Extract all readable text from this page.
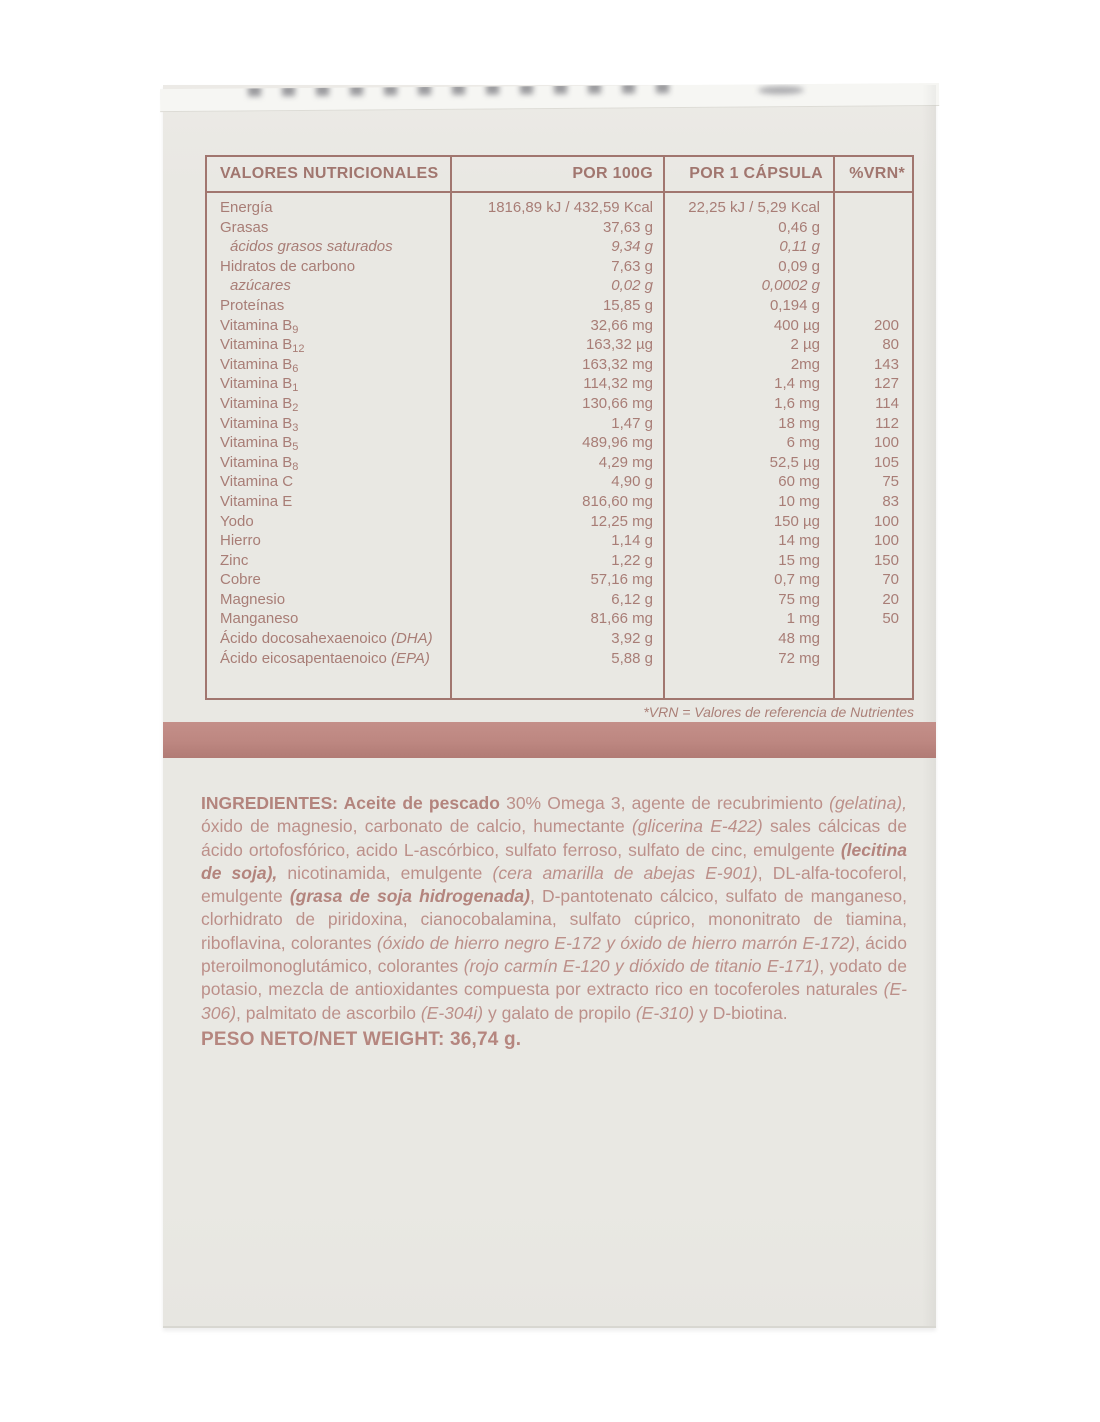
VALORES NUTRICIONALES	POR 100G	POR 1 CÁPSULA	%VRN*
Energía	1816,89 kJ / 432,59 Kcal	22,25 kJ / 5,29 Kcal
Grasas	37,63 g	0,46 g
ácidos grasos saturados	9,34 g	0,11 g
Hidratos de carbono	7,63 g	0,09 g
azúcares	0,02 g	0,0002 g
Proteínas	15,85 g	0,194 g
Vitamina $B_9$	32,66 mg	400 µg	200
Vitamina $B_{12}$	163,32 µg	2 µg	80
Vitamina $B_6$	163,32 mg	2mg	143
Vitamina $B_1$	114,32 mg	1,4 mg	127
Vitamina $B_2$	130,66 mg	1,6 mg	114
Vitamina $B_3$	1,47 g	18 mg	112
Vitamina $B_5$	489,96 mg	6 mg	100
Vitamina $B_8$	4,29 mg	52,5 µg	105
Vitamina C	4,90 g	60 mg	75
Vitamina E	816,60 mg	10 mg	83
Yodo	12,25 mg	150 µg	100
Hierro	1,14 g	14 mg	100
Zinc	1,22 g	15 mg	150
Cobre	57,16 mg	0,7 mg	70
Magnesio	6,12 g	75 mg	20
Manganeso	81,66 mg	1 mg	50
Ácido docosahexaenoico (DHA)	3,92 g	48 mg
Ácido eicosapentaenoico (EPA)	5,88 g	72 mg
*VRN = Valores de referencia de Nutrientes

INGREDIENTES: Aceite de pescado 30% Omega 3, agente de recubrimiento (gelatina), óxido de magnesio, carbonato de calcio, humectante (glicerina E-422) sales cálcicas de ácido ortofosfórico, acido L-ascórbico, sulfato ferroso, sulfato de cinc, emulgente (lecitina de soja), nicotinamida, emulgente (cera amarilla de abejas E-901), DL-alfa-tocoferol, emulgente (grasa de soja hidrogenada), D-pantotenato cálcico, sulfato de manganeso, clorhidrato de piridoxina, cianocobalamina, sulfato cúprico, mononitrato de tiamina, riboflavina, colorantes (óxido de hierro negro E-172 y óxido de hierro marrón E-172), ácido pteroilmonoglutámico, colorantes (rojo carmín E-120 y dióxido de titanio E-171), yodato de potasio, mezcla de antioxidantes compuesta por extracto rico en tocoferoles naturales (E-306), palmitato de ascorbilo (E-304i) y galato de propilo (E-310) y D-biotina.

PESO NETO/NET WEIGHT: 36,74 g.
